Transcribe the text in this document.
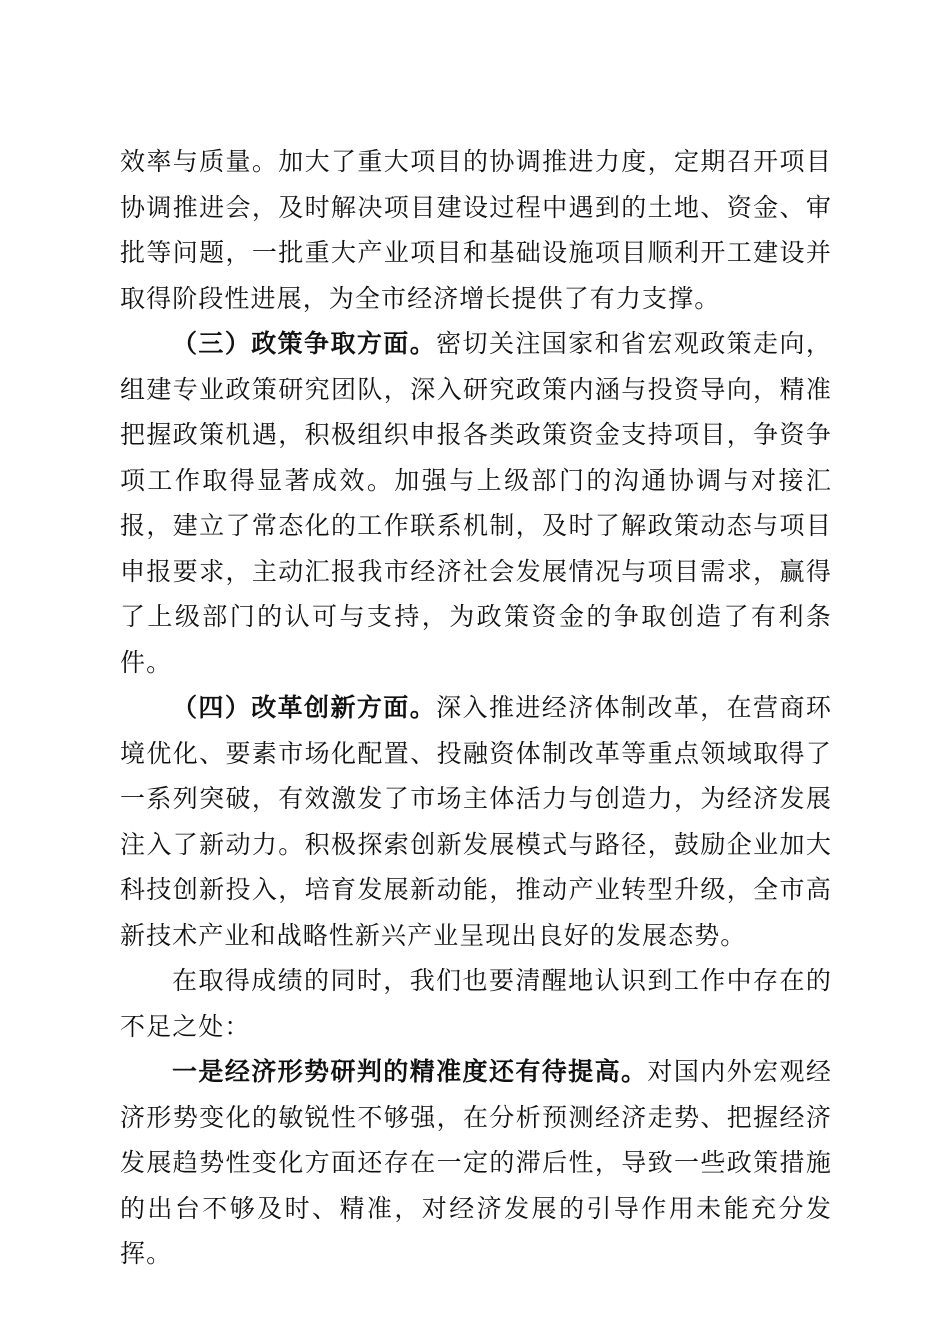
效率与质量。加大了重大项目的协调推进力度，定期召开项目协调推进会，及时解决项目建设过程中遇到的土地、资金、审批等问题，一批重大产业项目和基础设施项目顺利开工建设并取得阶段性进展，为全市经济增长提供了有力支撑。

（三）政策争取方面。密切关注国家和省宏观政策走向，组建专业政策研究团队，深入研究政策内涵与投资导向，精准把握政策机遇，积极组织申报各类政策资金支持项目，争资争项工作取得显著成效。加强与上级部门的沟通协调与对接汇报，建立了常态化的工作联系机制，及时了解政策动态与项目申报要求，主动汇报我市经济社会发展情况与项目需求，赢得了上级部门的认可与支持，为政策资金的争取创造了有利条件。

（四）改革创新方面。深入推进经济体制改革，在营商环境优化、要素市场化配置、投融资体制改革等重点领域取得了一系列突破，有效激发了市场主体活力与创造力，为经济发展注入了新动力。积极探索创新发展模式与路径，鼓励企业加大科技创新投入，培育发展新动能，推动产业转型升级，全市高新技术产业和战略性新兴产业呈现出良好的发展态势。

在取得成绩的同时，我们也要清醒地认识到工作中存在的不足之处：

一是经济形势研判的精准度还有待提高。对国内外宏观经济形势变化的敏锐性不够强，在分析预测经济走势、把握经济发展趋势性变化方面还存在一定的滞后性，导致一些政策措施的出台不够及时、精准，对经济发展的引导作用未能充分发挥。
